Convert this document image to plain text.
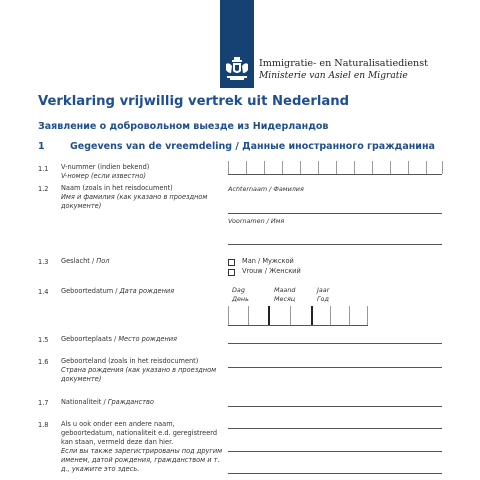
Immigratie- en Naturalisatiedienst
Ministerie van Asiel en Migratie
Verklaring vrijwillig vertrek uit Nederland
Заявление о добровольном выезде из Нидерландов
1	Gegevens van de vreemdeling / Данные иностранного гражданина
1.1 V-nummer (indien bekend)
V-номер (если известно)
1.2 Naam (zoals in het reisdocument)
Имя и фамилия (как указано в проездном
документе)
Achternaam / Фамилия
Voornamen / Имя
1.3 Geslacht / Пол	Man / Мужской
Vrouw / Женский
1.4 Geboortedatum / Дата рождения	Dag
День
Maand
Месяц
Jaar
Год
1.5 Geboorteplaats / Место рождения
1.6 Geboorteland (zoals in het reisdocument)
Страна рождения (как указано в проездном
документе)
1.7 Nationaliteit / Гражданство
1.8 Als u ook onder een andere naam,
geboortedatum, nationaliteit e.d. geregistreerd
kan staan, vermeld deze dan hier.
Если вы также зарегистрированы под другим
именем, датой рождения, гражданством и т.
д., укажите это здесь.
